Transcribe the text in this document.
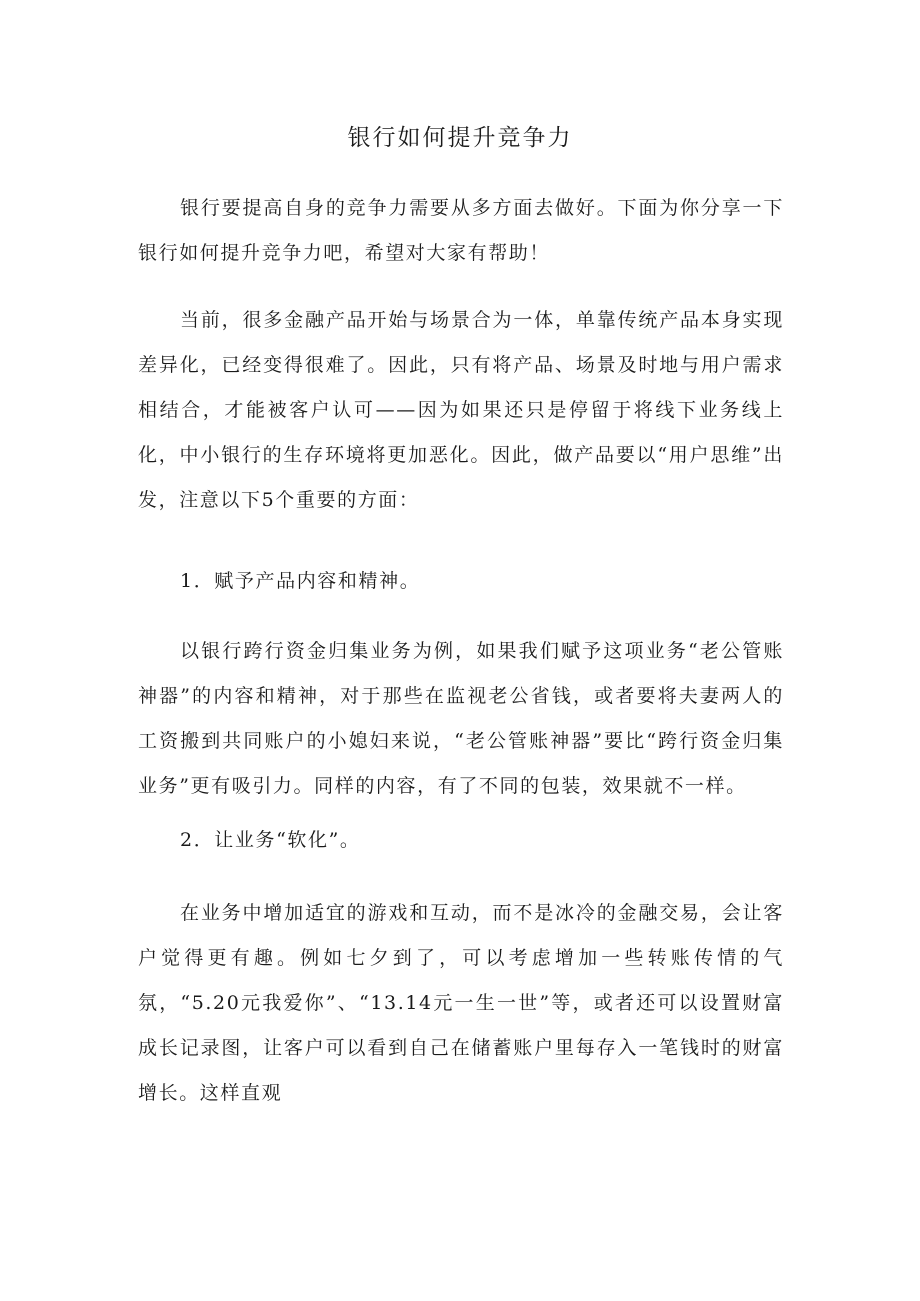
银行如何提升竞争力

银行要提高自身的竞争力需要从多方面去做好。下面为你分享一下银行如何提升竞争力吧，希望对大家有帮助！

当前，很多金融产品开始与场景合为一体，单靠传统产品本身实现差异化，已经变得很难了。因此，只有将产品、场景及时地与用户需求相结合，才能被客户认可——因为如果还只是停留于将线下业务线上化，中小银行的生存环境将更加恶化。因此，做产品要以“用户思维”出发，注意以下5个重要的方面：

1．赋予产品内容和精神。

以银行跨行资金归集业务为例，如果我们赋予这项业务“老公管账神器”的内容和精神，对于那些在监视老公省钱，或者要将夫妻两人的工资搬到共同账户的小媳妇来说，“老公管账神器”要比“跨行资金归集业务”更有吸引力。同样的内容，有了不同的包装，效果就不一样。

2．让业务“软化”。

在业务中增加适宜的游戏和互动，而不是冰冷的金融交易，会让客户觉得更有趣。例如七夕到了，可以考虑增加一些转账传情的气氛，“5.20元我爱你”、“13.14元一生一世”等，或者还可以设置财富成长记录图，让客户可以看到自己在储蓄账户里每存入一笔钱时的财富增长。这样直观
